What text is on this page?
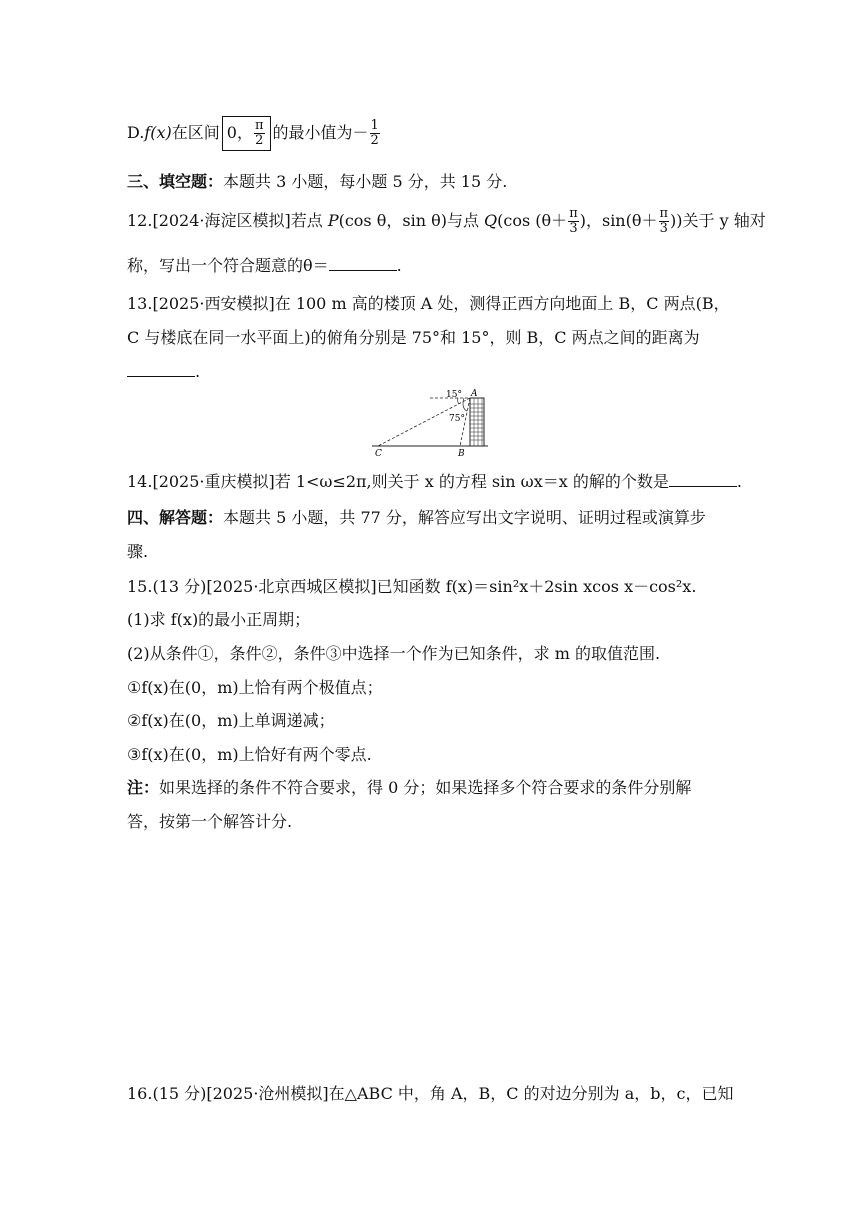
D.f(x)在区间 0， $\frac{\pi}{2}$ 的最小值为－ $\frac{1}{2}$
三、填空题：本题共 3 小题，每小题 5 分，共 15 分.
12.[2024·海淀区模拟]若点 P(cos θ，sin θ)与点 Q(cos ($\theta+ \frac{\pi}{3}$ )，$\sin(\theta+ \frac{\pi}{3}$ ))关于 y 轴对
称，写出一个符合题意的θ＝	.
13.[2025·西安模拟]在 100 m 高的楼顶 A 处，测得正西方向地面上 B，C 两点(B，
C 与楼底在同一水平面上)的俯角分别是 75°和 15°，则 B，C 两点之间的距离为
.
15° A
75°
C	B
14.[2025·重庆模拟]若 1<ω≤2π,则关于 x 的方程 sin ωx＝x 的解的个数是	.
四、解答题：本题共 5 小题，共 77 分，解答应写出文字说明、证明过程或演算步
骤.
15.(13 分)[2025·北京西城区模拟]已知函数 f(x)＝sin²x＋2sin xcos x－cos²x.
(1)求 f(x)的最小正周期；
(2)从条件①，条件②，条件③中选择一个作为已知条件，求 m 的取值范围.
①f(x)在(0，m)上恰有两个极值点；
②f(x)在(0，m)上单调递减；
③f(x)在(0，m)上恰好有两个零点.
注：如果选择的条件不符合要求，得 0 分；如果选择多个符合要求的条件分别解
答，按第一个解答计分.
16.(15 分)[2025·沧州模拟]在△ABC 中，角 A，B，C 的对边分别为 a，b，c，已知
